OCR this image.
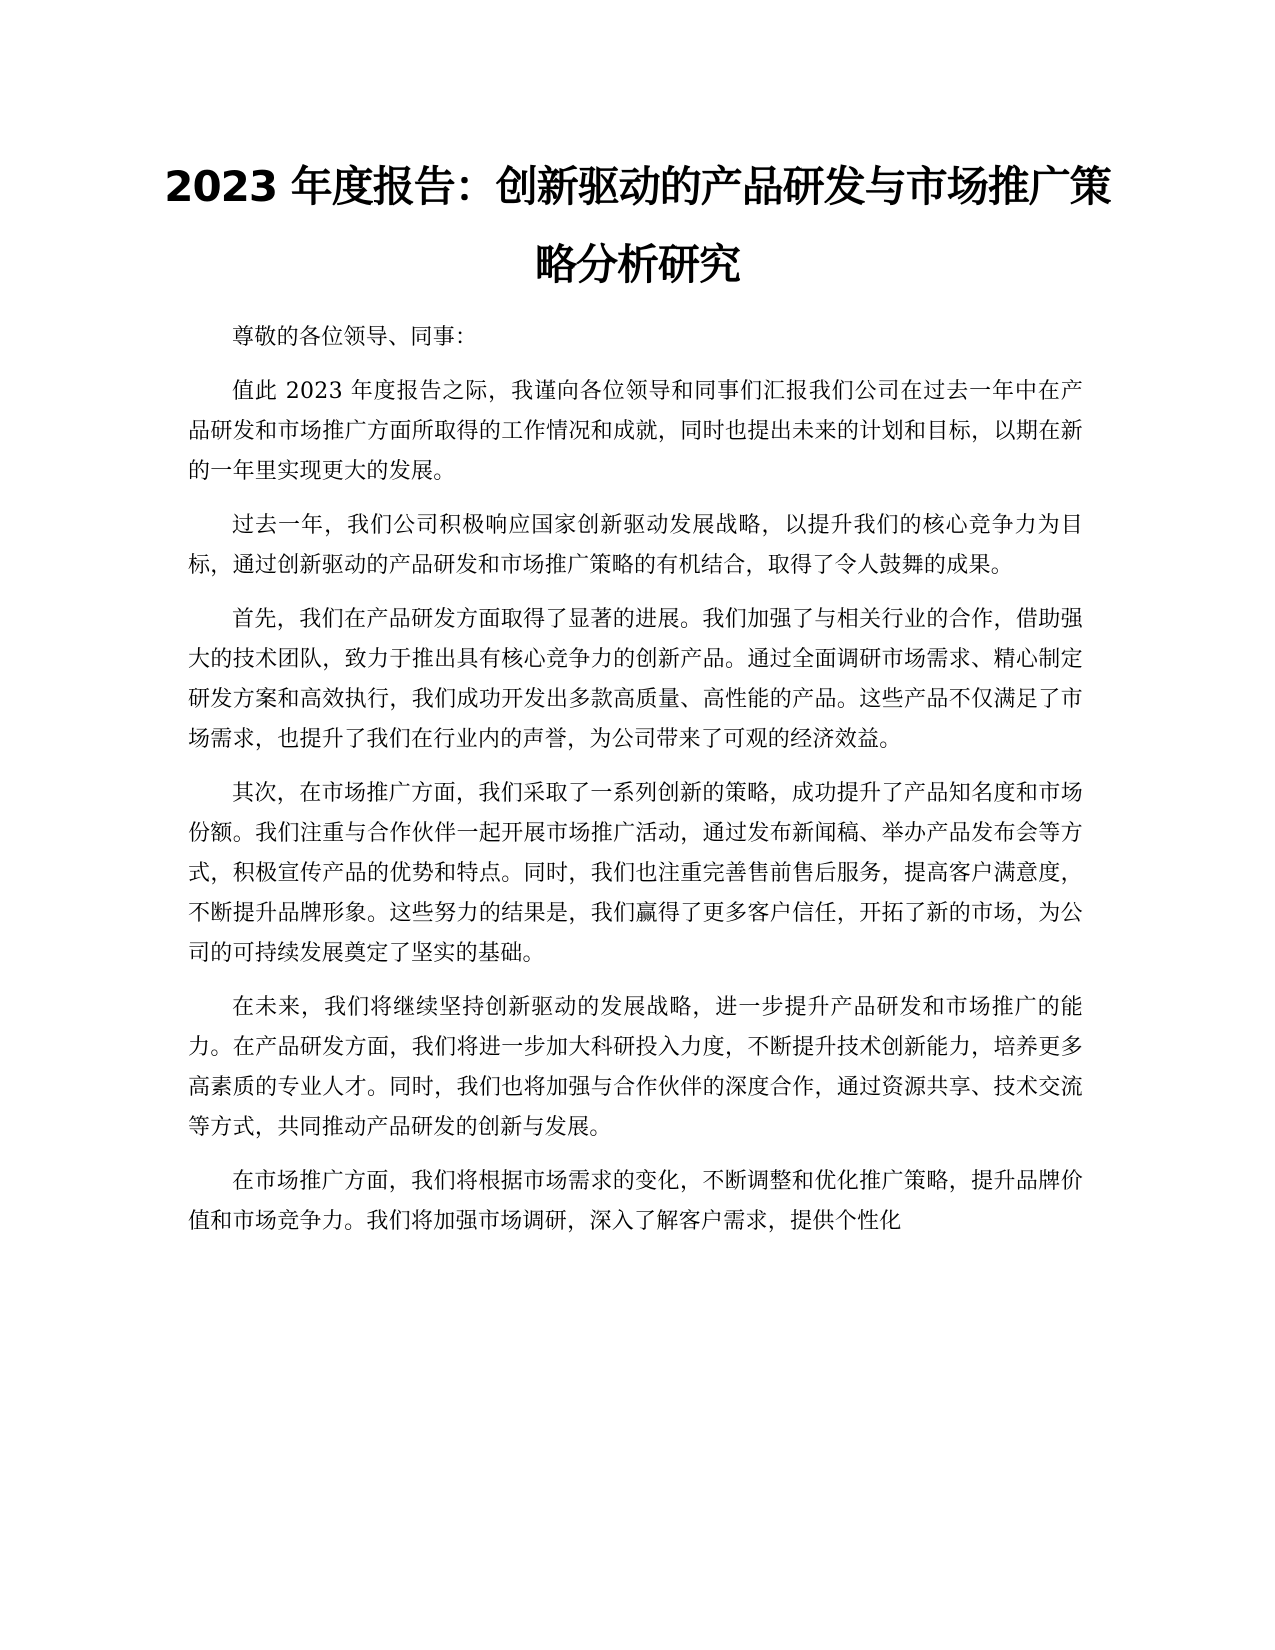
2023 年度报告：创新驱动的产品研发与市场推广策略分析研究

尊敬的各位领导、同事：

值此 2023 年度报告之际，我谨向各位领导和同事们汇报我们公司在过去一年中在产品研发和市场推广方面所取得的工作情况和成就，同时也提出未来的计划和目标，以期在新的一年里实现更大的发展。

过去一年，我们公司积极响应国家创新驱动发展战略，以提升我们的核心竞争力为目标，通过创新驱动的产品研发和市场推广策略的有机结合，取得了令人鼓舞的成果。

首先，我们在产品研发方面取得了显著的进展。我们加强了与相关行业的合作，借助强大的技术团队，致力于推出具有核心竞争力的创新产品。通过全面调研市场需求、精心制定研发方案和高效执行，我们成功开发出多款高质量、高性能的产品。这些产品不仅满足了市场需求，也提升了我们在行业内的声誉，为公司带来了可观的经济效益。

其次，在市场推广方面，我们采取了一系列创新的策略，成功提升了产品知名度和市场份额。我们注重与合作伙伴一起开展市场推广活动，通过发布新闻稿、举办产品发布会等方式，积极宣传产品的优势和特点。同时，我们也注重完善售前售后服务，提高客户满意度，不断提升品牌形象。这些努力的结果是，我们赢得了更多客户信任，开拓了新的市场，为公司的可持续发展奠定了坚实的基础。

在未来，我们将继续坚持创新驱动的发展战略，进一步提升产品研发和市场推广的能力。在产品研发方面，我们将进一步加大科研投入力度，不断提升技术创新能力，培养更多高素质的专业人才。同时，我们也将加强与合作伙伴的深度合作，通过资源共享、技术交流等方式，共同推动产品研发的创新与发展。

在市场推广方面，我们将根据市场需求的变化，不断调整和优化推广策略，提升品牌价值和市场竞争力。我们将加强市场调研，深入了解客户需求，提供个性化
